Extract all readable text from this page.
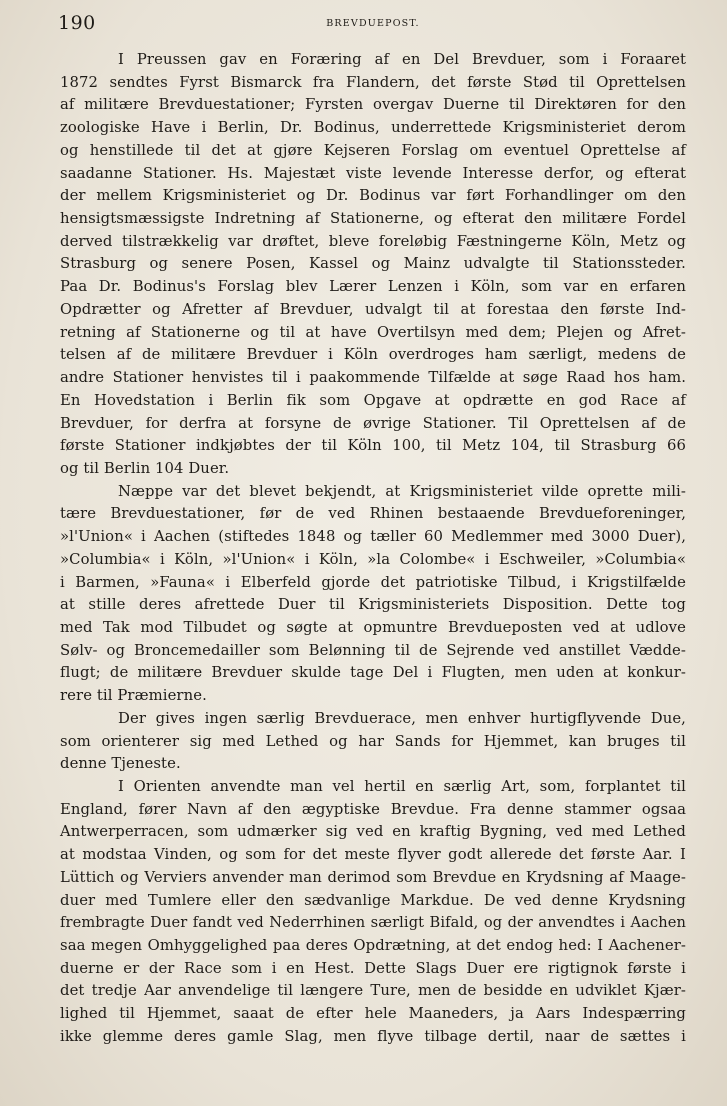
190	BREVDUEPOST.
I Preussen gav en Foræring af en Del Brevduer, som i Foraaret
1872 sendtes Fyrst Bismarck fra Flandern, det første Stød til Oprettelsen
af militære Brevduestationer; Fyrsten overgav Duerne til Direktøren for den
zoologiske Have i Berlin, Dr. Bodinus, underrettede Krigsministeriet derom
og henstillede til det at gjøre Kejseren Forslag om eventuel Oprettelse af
saadanne Stationer. Hs. Majestæt viste levende Interesse derfor, og efterat
der mellem Krigsministeriet og Dr. Bodinus var ført Forhandlinger om den
hensigtsmæssigste Indretning af Stationerne, og efterat den militære Fordel
derved tilstrækkelig var drøftet, bleve foreløbig Fæstningerne Köln, Metz og
Strasburg og senere Posen, Kassel og Mainz udvalgte til Stationssteder.
Paa Dr. Bodinus's Forslag blev Lærer Lenzen i Köln, som var en erfaren
Opdrætter og Afretter af Brevduer, udvalgt til at forestaa den første Ind-
retning af Stationerne og til at have Overtilsyn med dem; Plejen og Afret-
telsen af de militære Brevduer i Köln overdroges ham særligt, medens de
andre Stationer henvistes til i paakommende Tilfælde at søge Raad hos ham.
En Hovedstation i Berlin fik som Opgave at opdrætte en god Race af
Brevduer, for derfra at forsyne de øvrige Stationer. Til Oprettelsen af de
første Stationer indkjøbtes der til Köln 100, til Metz 104, til Strasburg 66
og til Berlin 104 Duer.
Næppe var det blevet bekjendt, at Krigsministeriet vilde oprette mili-
tære Brevduestationer, før de ved Rhinen bestaaende Brevdueforeninger,
»l'Union« i Aachen (stiftedes 1848 og tæller 60 Medlemmer med 3000 Duer),
»Columbia« i Köln, »l'Union« i Köln, »la Colombe« i Eschweiler, »Columbia«
i Barmen, »Fauna« i Elberfeld gjorde det patriotiske Tilbud, i Krigstilfælde
at stille deres afrettede Duer til Krigsministeriets Disposition. Dette tog
med Tak mod Tilbudet og søgte at opmuntre Brevdueposten ved at udlove
Sølv- og Broncemedailler som Belønning til de Sejrende ved anstillet Vædde-
flugt; de militære Brevduer skulde tage Del i Flugten, men uden at konkur-
rere til Præmierne.
Der gives ingen særlig Brevduerace, men enhver hurtigflyvende Due,
som orienterer sig med Lethed og har Sands for Hjemmet, kan bruges til
denne Tjeneste.
I Orienten anvendte man vel hertil en særlig Art, som, forplantet til
England, fører Navn af den ægyptiske Brevdue. Fra denne stammer ogsaa
Antwerperracen, som udmærker sig ved en kraftig Bygning, ved med Lethed
at modstaa Vinden, og som for det meste flyver godt allerede det første Aar. I
Lüttich og Verviers anvender man derimod som Brevdue en Krydsning af Maage-
duer med Tumlere eller den sædvanlige Markdue. De ved denne Krydsning
frembragte Duer fandt ved Nederrhinen særligt Bifald, og der anvendtes i Aachen
saa megen Omhyggelighed paa deres Opdrætning, at det endog hed: I Aachener-
duerne er der Race som i en Hest. Dette Slags Duer ere rigtignok første i
det tredje Aar anvendelige til længere Ture, men de besidde en udviklet Kjær-
lighed til Hjemmet, saaat de efter hele Maaneders, ja Aars Indespærring
ikke glemme deres gamle Slag, men flyve tilbage dertil, naar de sættes i
